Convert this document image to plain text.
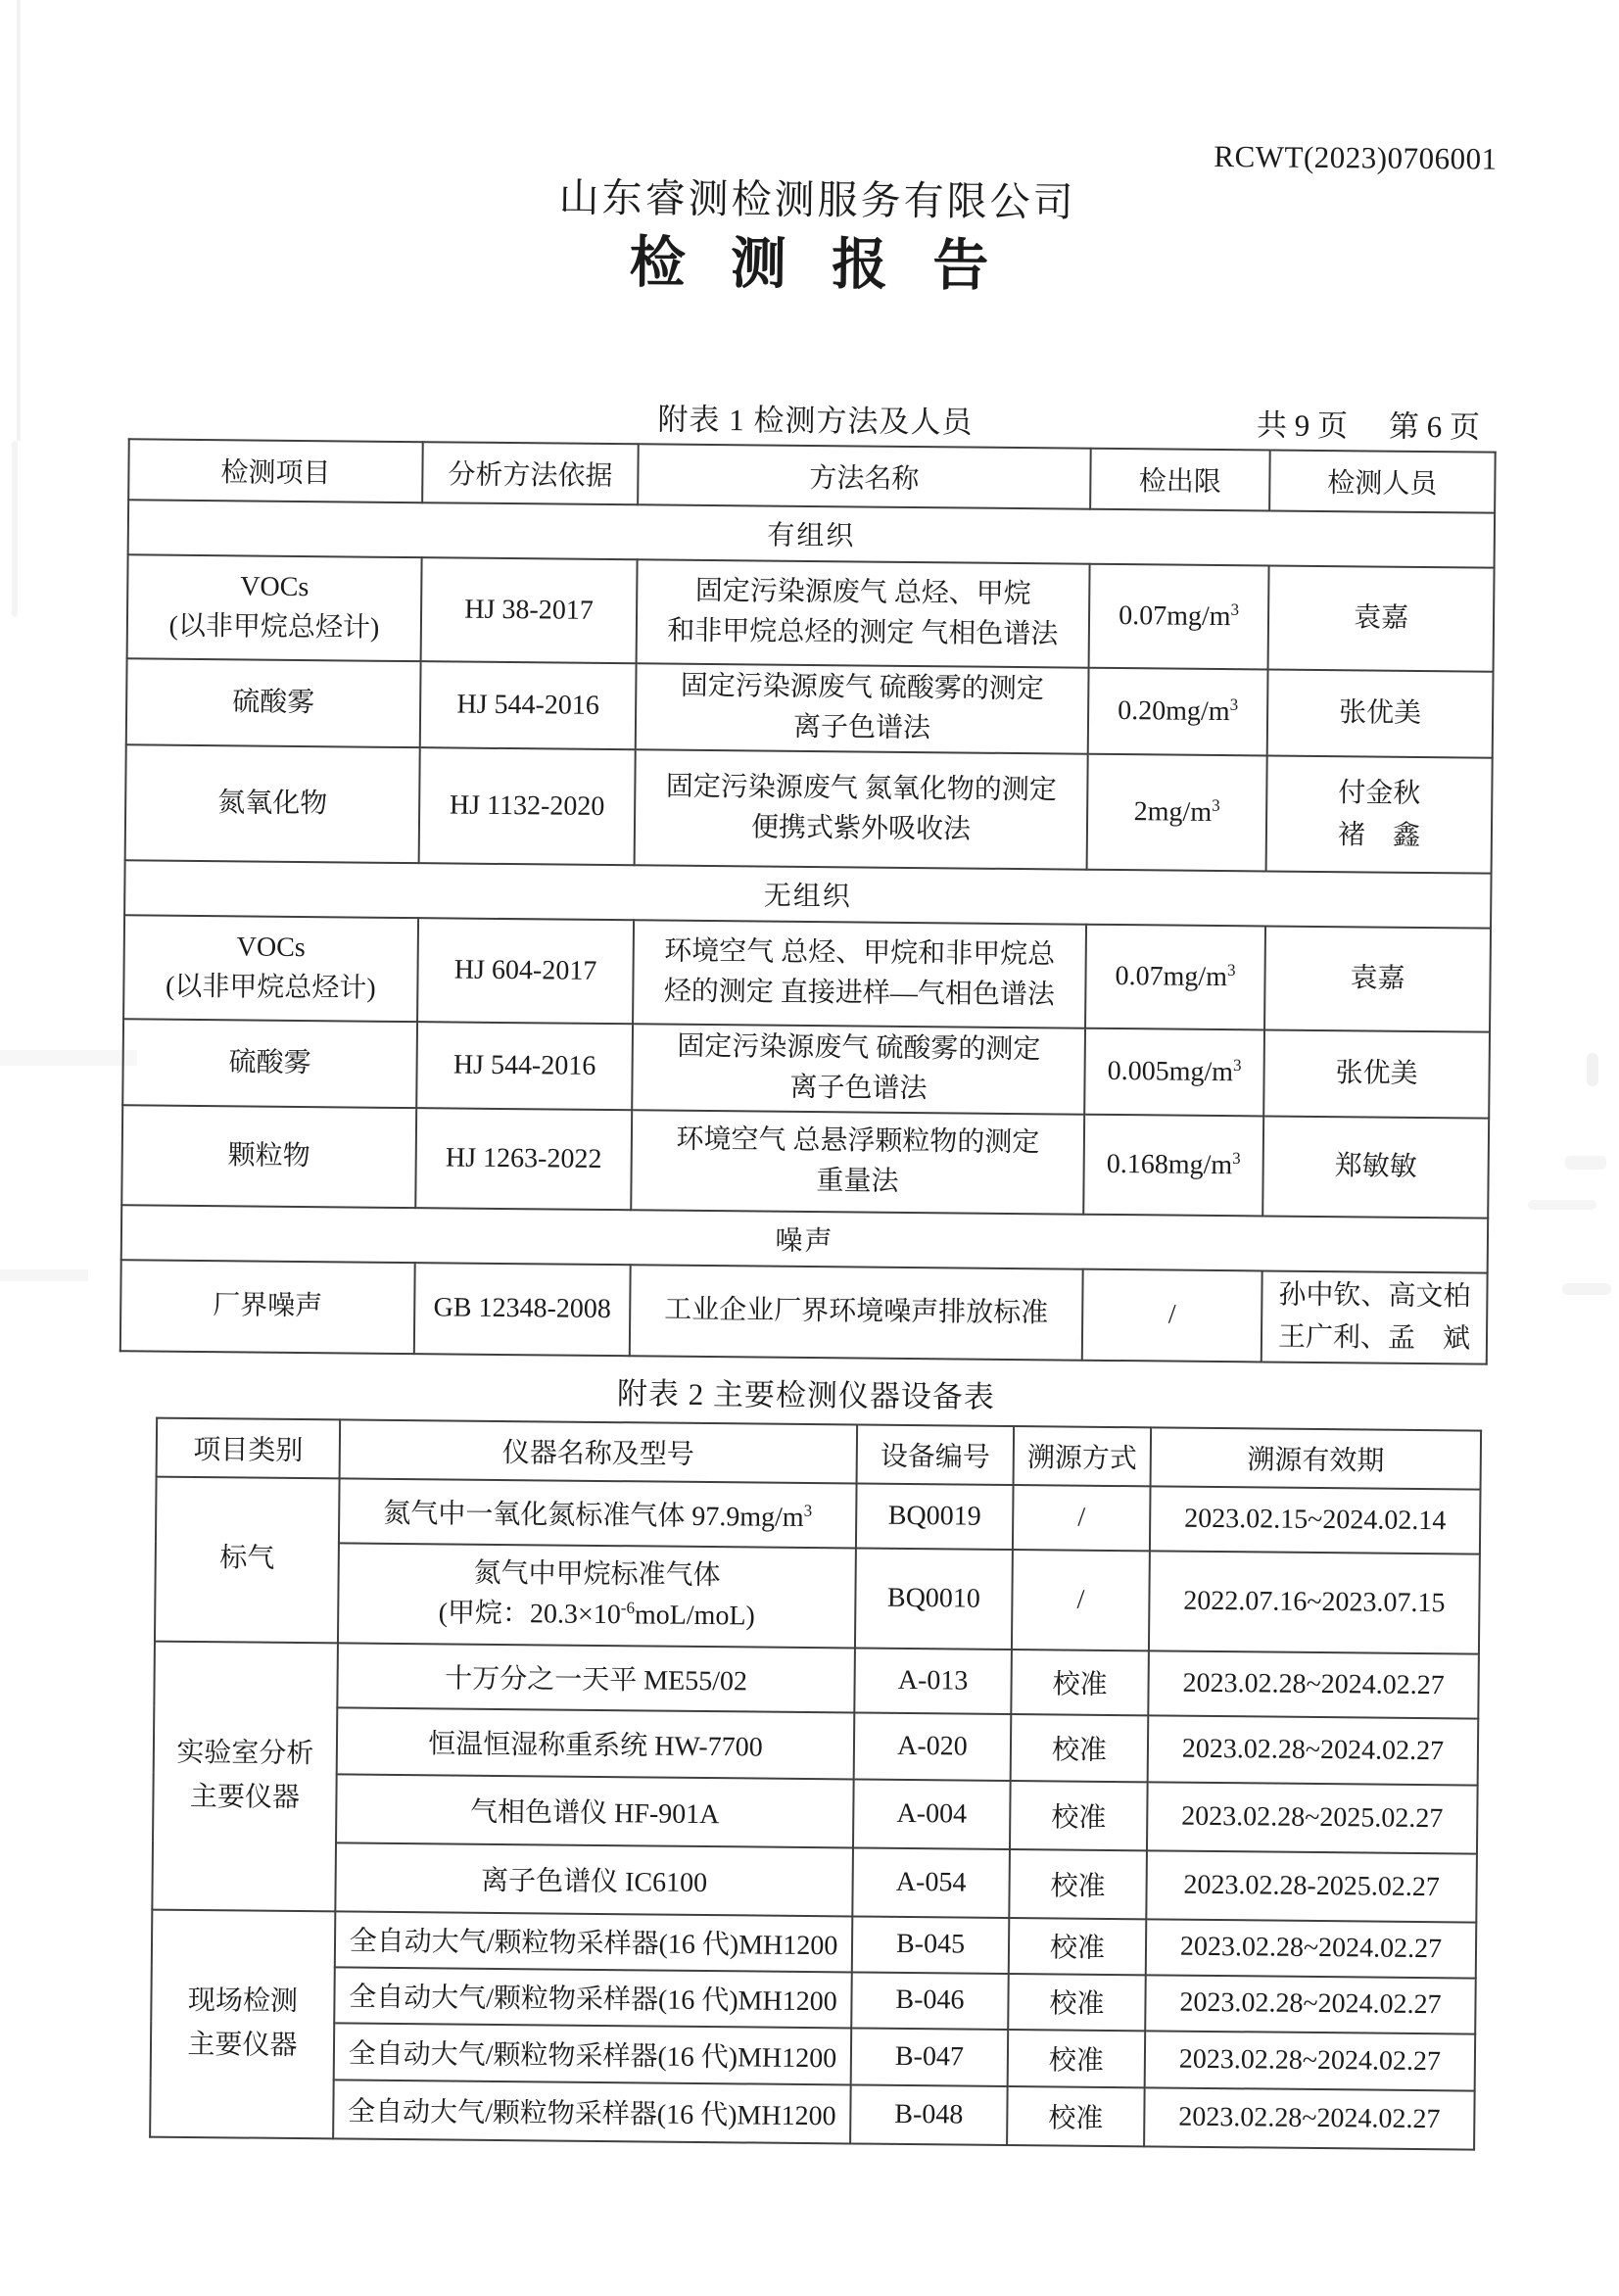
RCWT(2023)0706001
山东睿测检测服务有限公司
检 测 报 告
附表 1 检测方法及人员	共 9 页 第 6 页
检测项目	分析方法依据	方法名称	检出限	检测人员
有组织				

VOCs
(以非甲烷总烃计)
	HJ 38-2017	
固定污染源废气 总烃、甲烷
和非甲烷总烃的测定 气相色谱法	$0.07mg/m^3$	袁嘉

硫酸雾	HJ 544-2016	固定污染源废气 硫酸雾的测定
离子色谱法	$0.20mg/m^3$	张优美

氮氧化物	HJ 1132-2020	固定污染源废气 氮氧化物的测定
便携式紫外吸收法
	$2mg/m^3$	付金秋
褚　鑫

无组织				

VOCs
(以非甲烷总烃计)
	HJ 604-2017	环境空气 总烃、甲烷和非甲烷总
烃的测定 直接进样—气相色谱法	$0.07mg/m^3$	袁嘉

硫酸雾	HJ 544-2016	固定污染源废气 硫酸雾的测定
离子色谱法	$0.005mg/m^3$	张优美

颗粒物	HJ 1263-2022	环境空气 总悬浮颗粒物的测定
重量法	$0.168mg/m^3$	郑敏敏

噪声				

厂界噪声	GB 12348-2008	工业企业厂界环境噪声排放标准	/	孙中钦、高文柏
王广利、孟　斌
附表 2 主要检测仪器设备表
项目类别	仪器名称及型号	设备编号	溯源方式	溯源有效期

标气	氮气中一氧化氮标准气体 $97.9mg/m^3$	BQ0019	/	2023.02.15~2024.02.14

	氮气中甲烷标准气体
(甲烷：$20.3\times 10^{-6}moL/moL$)	BQ0010	/	2022.07.16~2023.07.15

实验室分析
主要仪器	十万分之一天平 ME55/02	A-013	校准	2023.02.28~2024.02.27
	恒温恒湿称重系统 HW-7700	A-020	校准	2023.02.28~2024.02.27
	气相色谱仪 HF-901A	A-004	校准	2023.02.28~2025.02.27
	离子色谱仪 IC6100	A-054	校准	2023.02.28-2025.02.27

现场检测
主要仪器	全自动大气/颗粒物采样器(16 代)MH1200	B-045	校准	2023.02.28~2024.02.27
	全自动大气/颗粒物采样器(16 代)MH1200	B-046	校准	2023.02.28~2024.02.27
	全自动大气/颗粒物采样器(16 代)MH1200	B-047	校准	2023.02.28~2024.02.27
	全自动大气/颗粒物采样器(16 代)MH1200	B-048	校准	2023.02.28~2024.02.27
